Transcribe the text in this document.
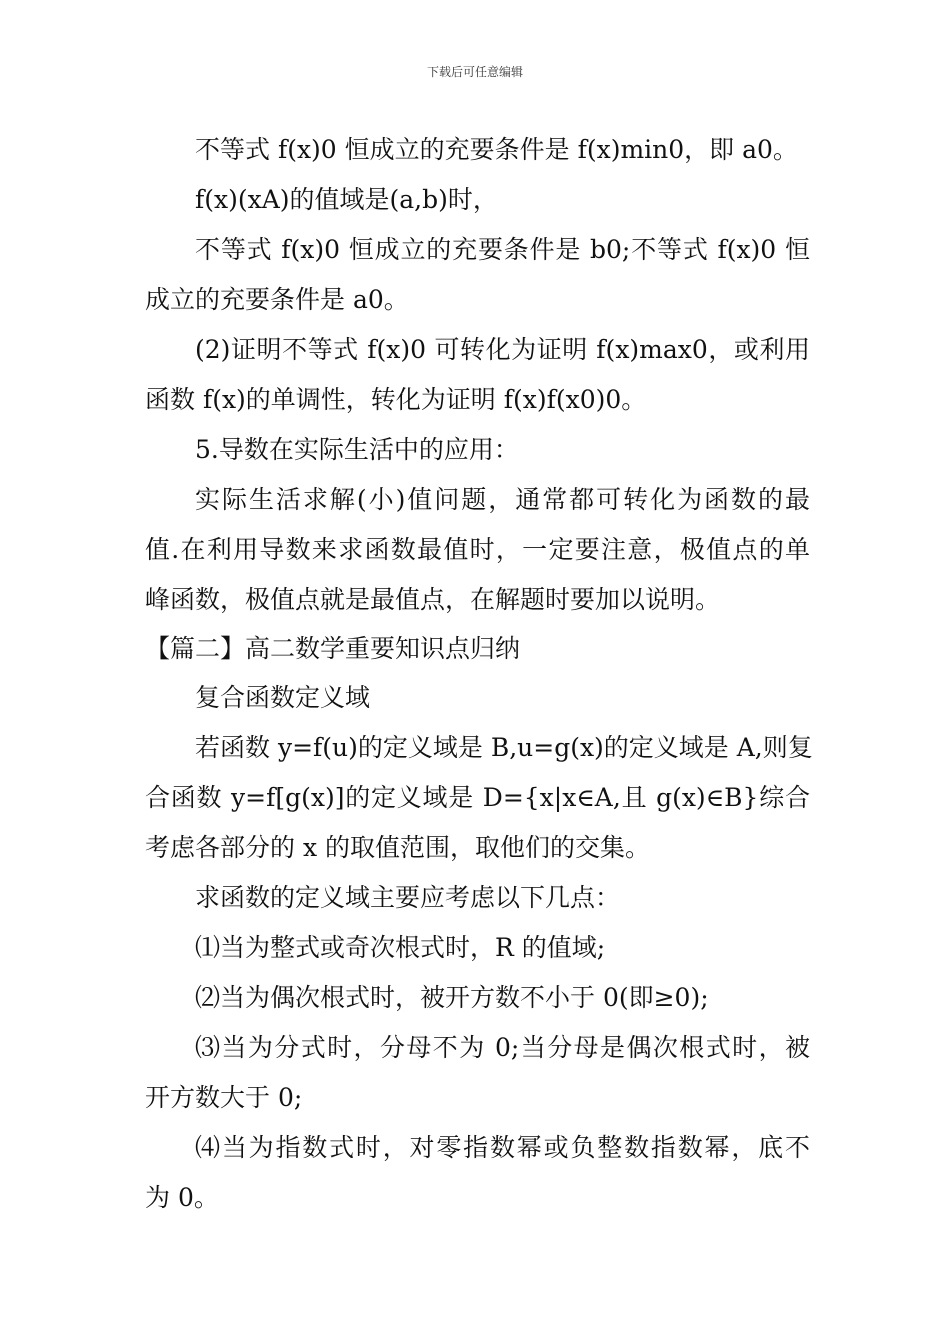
下载后可任意编辑
不等式 f(x)0 恒成立的充要条件是 f(x)min0，即 a0。
f(x)(xA)的值域是(a,b)时，
不等式 f(x)0 恒成立的充要条件是 b0;不等式 f(x)0 恒
成立的充要条件是 a0。
(2)证明不等式 f(x)0 可转化为证明 f(x)max0，或利用
函数 f(x)的单调性，转化为证明 f(x)f(x0)0。
5.导数在实际生活中的应用：
实际生活求解(小)值问题，通常都可转化为函数的最
值.在利用导数来求函数最值时，一定要注意，极值点的单
峰函数，极值点就是最值点，在解题时要加以说明。
【篇二】高二数学重要知识点归纳
复合函数定义域
若函数 y=f(u)的定义域是 B,u=g(x)的定义域是 A,则复
合函数 y=f[g(x)]的定义域是 D={x|x∈A,且 g(x)∈B}综合
考虑各部分的 x 的取值范围，取他们的交集。
求函数的定义域主要应考虑以下几点：
⑴当为整式或奇次根式时，R 的值域;
⑵当为偶次根式时，被开方数不小于 0(即≥0);
⑶当为分式时，分母不为 0;当分母是偶次根式时，被
开方数大于 0;
⑷当为指数式时，对零指数幂或负整数指数幂，底不
为 0。
